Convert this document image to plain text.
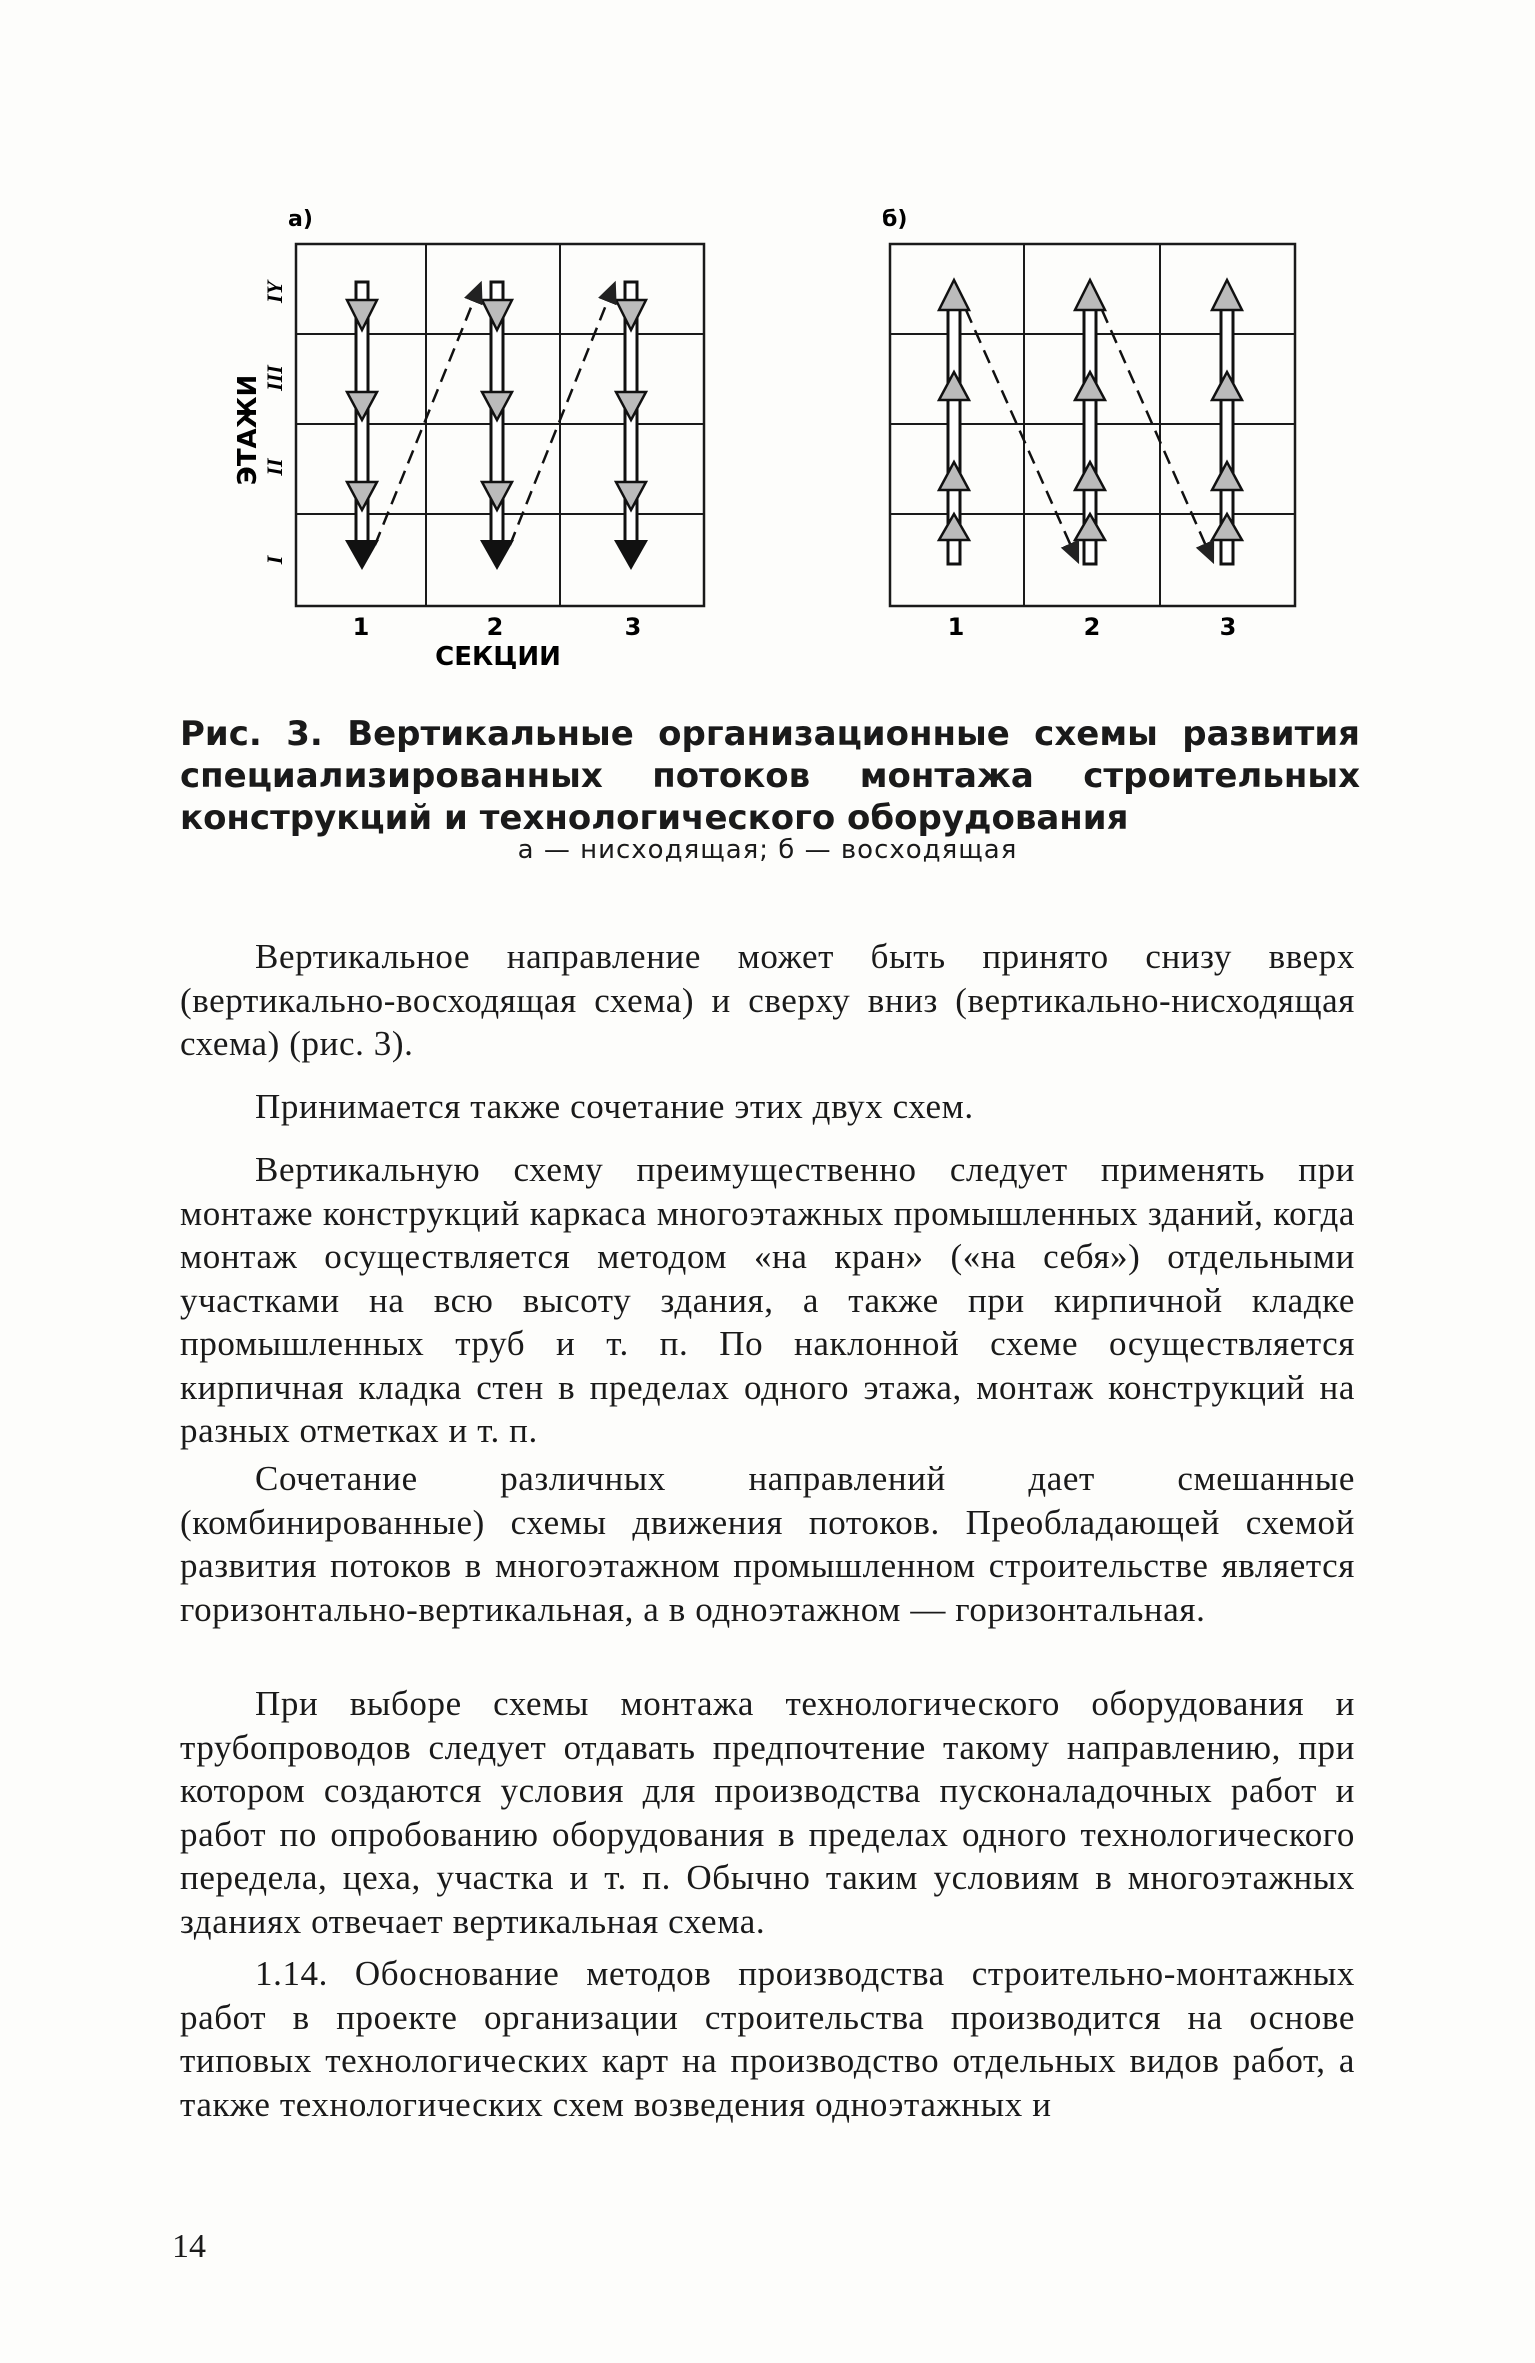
а)	б)
ЭТАЖИ
I
II
III
IY
1	2	3
СЕКЦИИ
1	2	3
Рис. 3. Вертикальные организационные схемы развития специализированных потоков монтажа строительных конструкций и технологического оборудования
а — нисходящая; б — восходящая

Вертикальное направление может быть принято снизу вверх (вертикально-восходящая схема) и сверху вниз (вертикально-нисходящая схема) (рис. 3).

Принимается также сочетание этих двух схем.

Вертикальную схему преимущественно следует применять при монтаже конструкций каркаса многоэтажных промышленных зданий, когда монтаж осуществляется методом «на кран» («на себя») отдельными участками на всю высоту здания, а также при кирпичной кладке промышленных труб и т. п. По наклонной схеме осуществляется кирпичная кладка стен в пределах одного этажа, монтаж конструкций на разных отметках и т. п.

Сочетание различных направлений дает смешанные (комбинированные) схемы движения потоков. Преобладающей схемой развития потоков в многоэтажном промышленном строительстве является горизонтально-вертикальная, а в одноэтажном — горизонтальная.

При выборе схемы монтажа технологического оборудования и трубопроводов следует отдавать предпочтение такому направлению, при котором создаются условия для производства пусконаладочных работ и работ по опробованию оборудования в пределах одного технологического передела, цеха, участка и т. п. Обычно таким условиям в многоэтажных зданиях отвечает вертикальная схема.

1.14. Обоснование методов производства строительно-монтажных работ в проекте организации строительства производится на основе типовых технологических карт на производство отдельных видов работ, а также технологических схем возведения одноэтажных и

14
